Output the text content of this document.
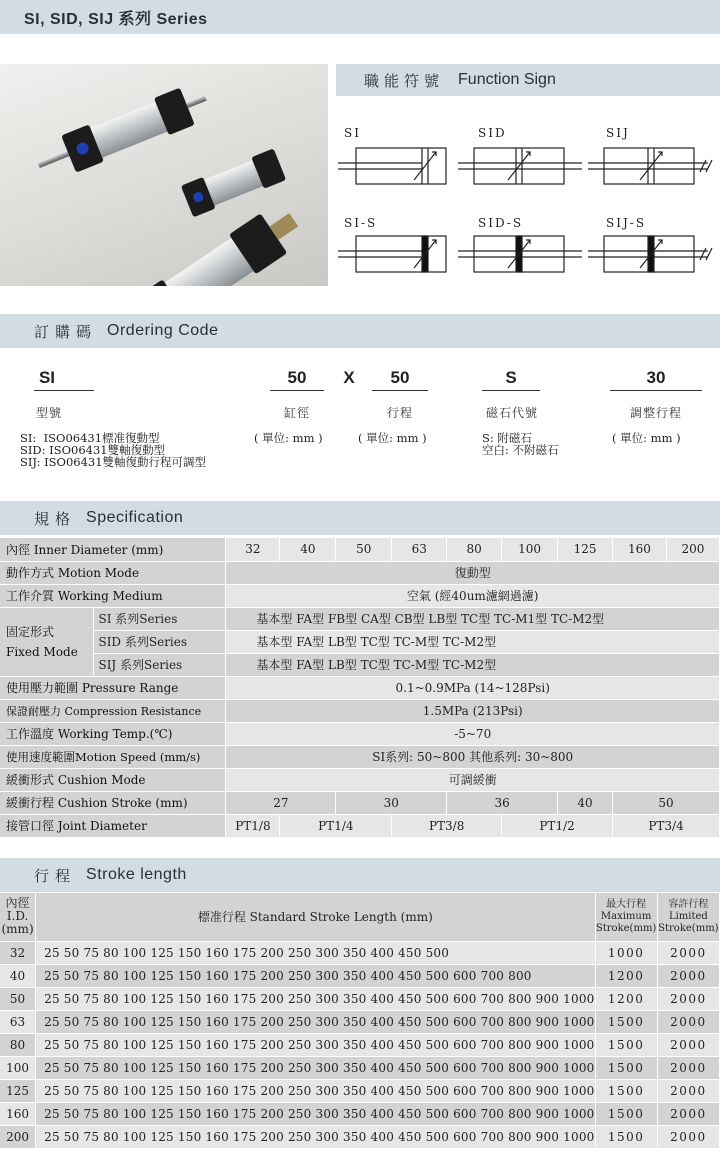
SI, SID, SIJ 系列 Series
職能符號 Function Sign
SI	SID	SIJ
SI-S	SID-S	SIJ-S
訂購碼 Ordering Code
SI	50	X	50	S	30
型號	缸徑	行程	磁石代號	調整行程
SI:  ISO06431標准復動型
SID: ISO06431雙軸復動型
SIJ: ISO06431雙軸復動行程可調型
( 單位: mm )	( 單位: mm )	S: 附磁石
空白: 不附磁石
( 單位: mm )
規格 Specification
內徑 Inner Diameter (mm)		32	40	50	63	80	100	125	160	200
動作方式 Motion Mode		復動型								
工作介質 Working Medium		空氣 (經40um濾網過濾)								

固定形式
Fixed Mode	SI 系列Series	基本型 FA型 FB型 CA型 CB型 LB型 TC型 TC-M1型 TC-M2型								
	SID 系列Series	基本型 FA型 LB型 TC型 TC-M型 TC-M2型								
	SIJ 系列Series	基本型 FA型 LB型 TC型 TC-M型 TC-M2型								
使用壓力範圍 Pressure Range		0.1~0.9MPa (14~128Psi)								
保證耐壓力 Compression Resistance		1.5MPa (213Psi)								
工作溫度 Working Temp.(℃)		-5~70								
使用速度範圍Motion Speed (mm/s)		SI系列: 50~800 其他系列: 30~800								
緩衝形式 Cushion Mode		可調緩衝								
緩衝行程 Cushion Stroke (mm)		27		30		36		40	50	
接管口徑 Joint Diameter		PT1/8	PT1/4		PT3/8		PT1/2		PT3/4	
行程 Stroke length
內徑
I.D.
(mm)	標准行程 Standard Stroke Length (mm)	最大行程
Maximum
Stroke(mm)	容許行程
Limited
Stroke(mm)
32	25 50 75 80 100 125 150 160 175 200 250 300 350 400 450 500	1000	2000
40	25 50 75 80 100 125 150 160 175 200 250 300 350 400 450 500 600 700 800	1200	2000
50	25 50 75 80 100 125 150 160 175 200 250 300 350 400 450 500 600 700 800 900 1000	1200	2000
63	25 50 75 80 100 125 150 160 175 200 250 300 350 400 450 500 600 700 800 900 1000	1500	2000
80	25 50 75 80 100 125 150 160 175 200 250 300 350 400 450 500 600 700 800 900 1000	1500	2000
100	25 50 75 80 100 125 150 160 175 200 250 300 350 400 450 500 600 700 800 900 1000	1500	2000
125	25 50 75 80 100 125 150 160 175 200 250 300 350 400 450 500 600 700 800 900 1000	1500	2000
160	25 50 75 80 100 125 150 160 175 200 250 300 350 400 450 500 600 700 800 900 1000	1500	2000
200	25 50 75 80 100 125 150 160 175 200 250 300 350 400 450 500 600 700 800 900 1000	1500	2000
